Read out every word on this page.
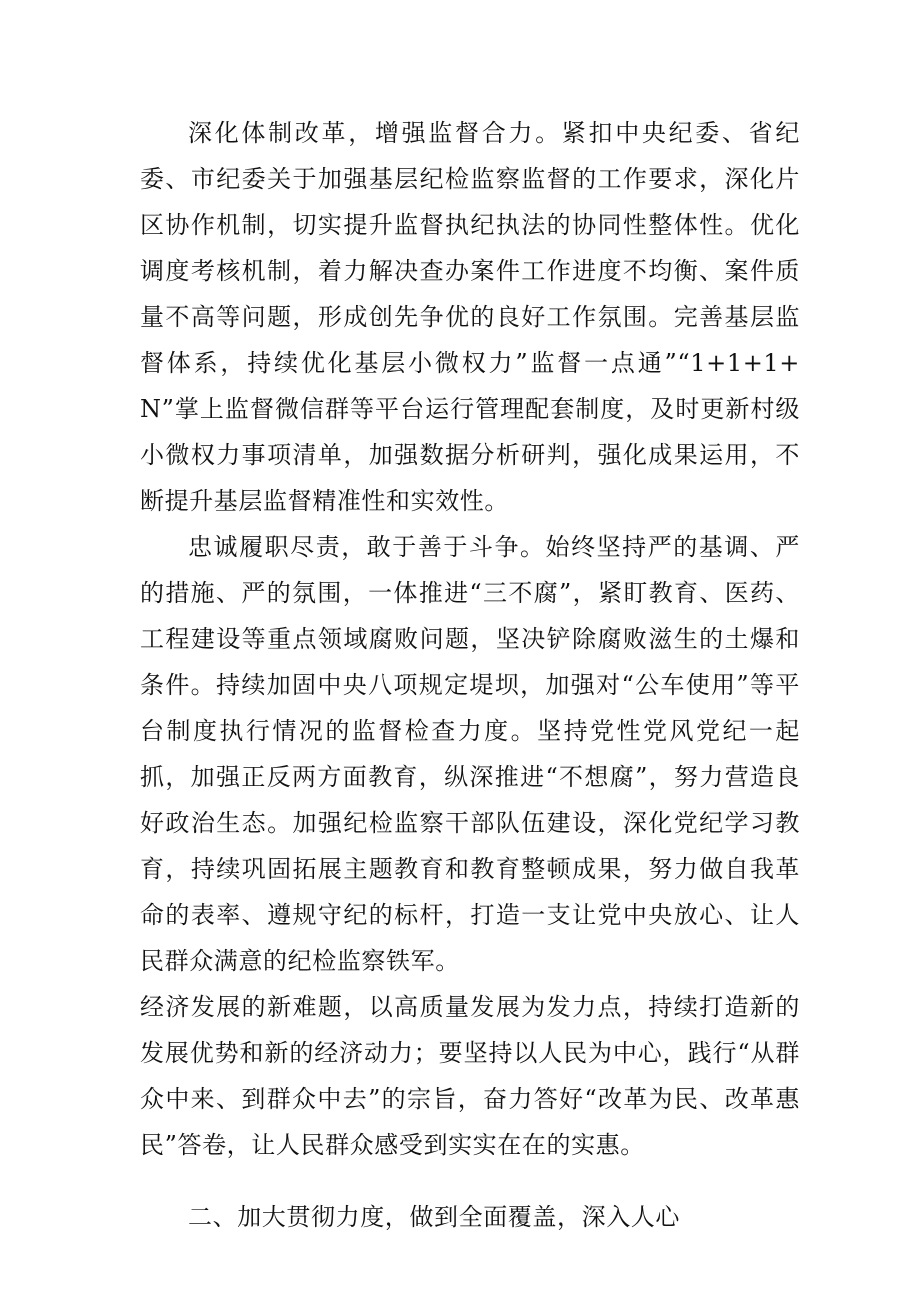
深化体制改革，增强监督合力。紧扣中央纪委、省纪委、市纪委关于加强基层纪检监察监督的工作要求，深化片区协作机制，切实提升监督执纪执法的协同性整体性。优化调度考核机制，着力解决查办案件工作进度不均衡、案件质量不高等问题，形成创先争优的良好工作氛围。完善基层监督体系，持续优化基层小微权力”监督一点通”“1+1+1+N”掌上监督微信群等平台运行管理配套制度，及时更新村级小微权力事项清单，加强数据分析研判，强化成果运用，不断提升基层监督精准性和实效性。

忠诚履职尽责，敢于善于斗争。始终坚持严的基调、严的措施、严的氛围，一体推进“三不腐”，紧盯教育、医药、工程建设等重点领域腐败问题，坚决铲除腐败滋生的土爆和条件。持续加固中央八项规定堤坝，加强对“公车使用”等平台制度执行情况的监督检查力度。坚持党性党风党纪一起抓，加强正反两方面教育，纵深推进“不想腐”，努力营造良好政治生态。加强纪检监察干部队伍建设，深化党纪学习教育，持续巩固拓展主题教育和教育整顿成果，努力做自我革命的表率、遵规守纪的标杆，打造一支让党中央放心、让人民群众满意的纪检监察铁军。

经济发展的新难题，以高质量发展为发力点，持续打造新的发展优势和新的经济动力；要坚持以人民为中心，践行“从群众中来、到群众中去”的宗旨，奋力答好“改革为民、改革惠民”答卷，让人民群众感受到实实在在的实惠。

二、加大贯彻力度，做到全面覆盖，深入人心
